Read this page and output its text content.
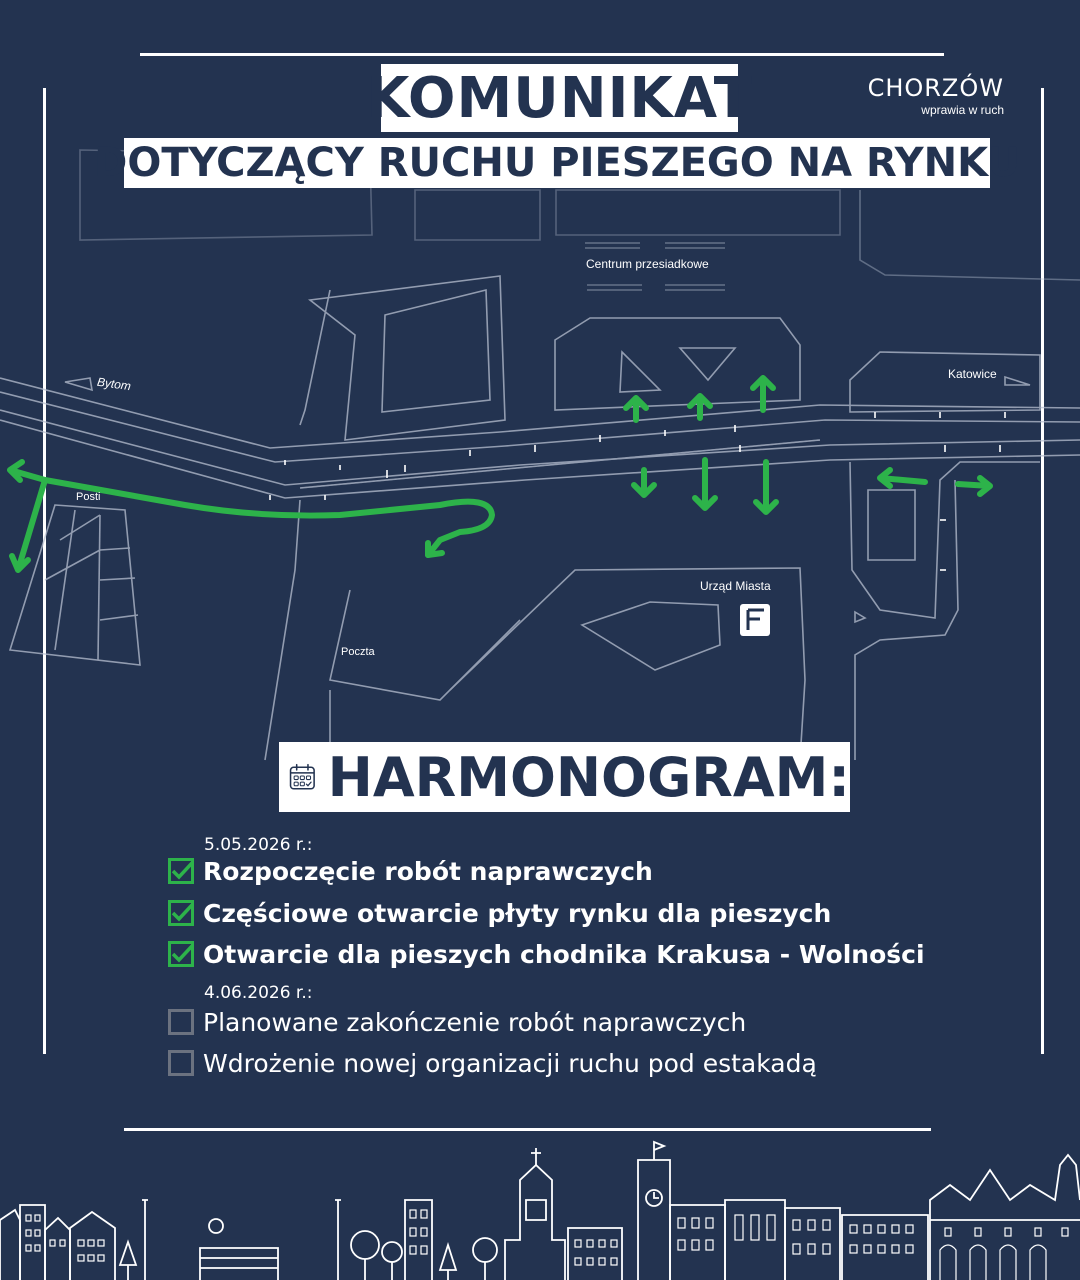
Centrum przesiadkowe
Bytom
Katowice
Posti
Urząd Miasta
Poczta
KOMUNIKAT
DOTYCZĄCY RUCHU PIESZEGO NA RYNKU
CHORZÓW
wprawia w ruch
HARMONOGRAM:
5.05.2026 r.:
Rozpoczęcie robót naprawczych
Częściowe otwarcie płyty rynku dla pieszych
Otwarcie dla pieszych chodnika Krakusa - Wolności
4.06.2026 r.:
Planowane zakończenie robót naprawczych
Wdrożenie nowej organizacji ruchu pod estakadą
